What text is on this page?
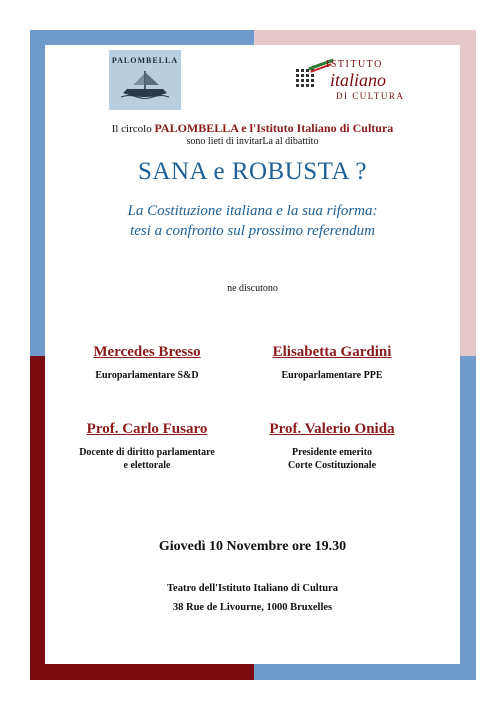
PALOMBELLA	ISTITUTO
italiano
DI CULTURA
Il circolo PALOMBELLA e l'Istituto Italiano di Cultura
sono lieti di invitarLa al dibattito
SANA e ROBUSTA ?
La Costituzione italiana e la sua riforma:
tesi a confronto sul prossimo referendum
ne discutono
Mercedes Bresso
Europarlamentare S&D
Elisabetta Gardini
Europarlamentare PPE
Prof. Carlo Fusaro
Docente di diritto parlamentare
e elettorale
Prof. Valerio Onida
Presidente emerito
Corte Costituzionale
Giovedì 10 Novembre ore 19.30
Teatro dell'Istituto Italiano di Cultura
38 Rue de Livourne, 1000 Bruxelles
